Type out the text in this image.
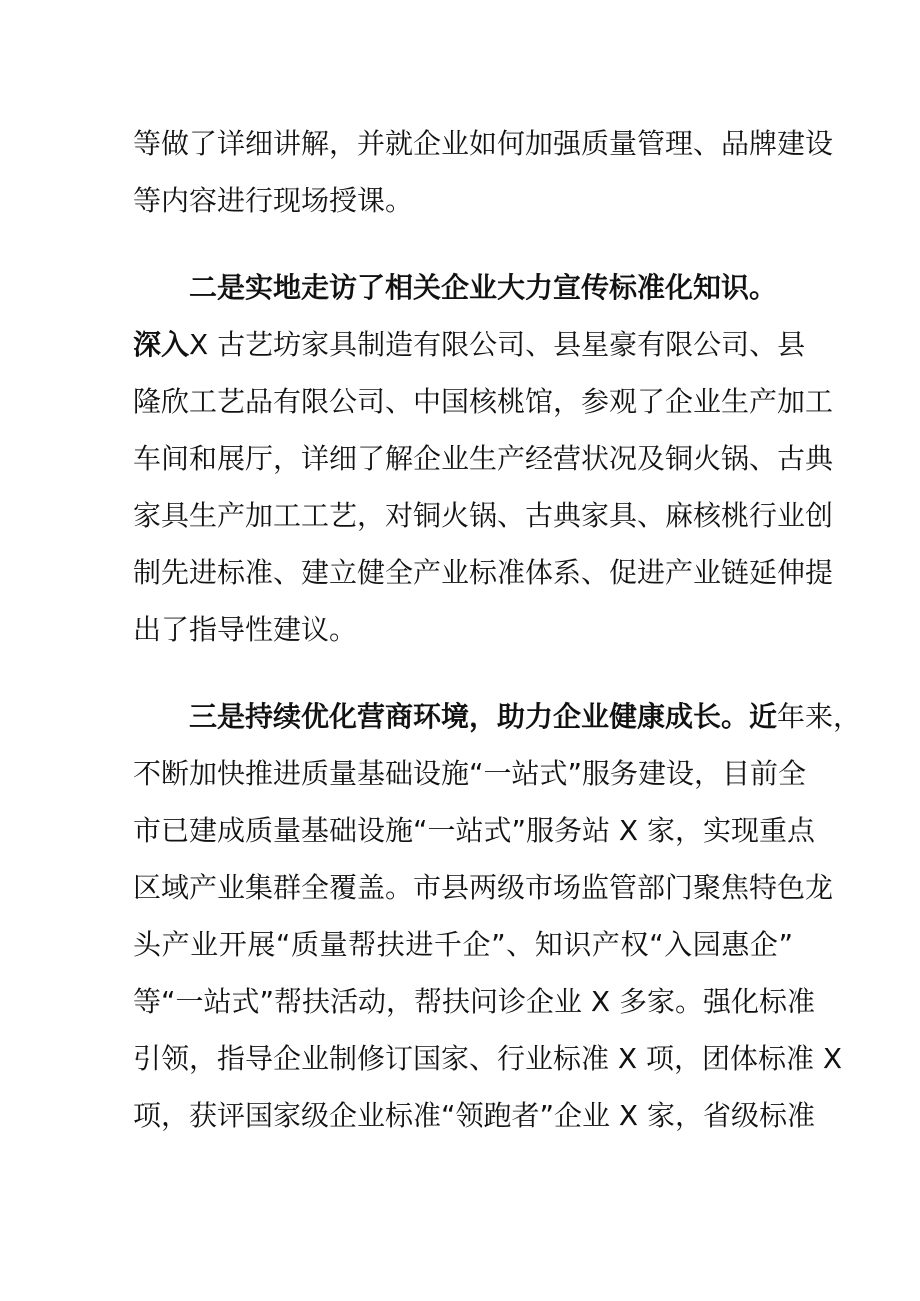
等做了详细讲解，并就企业如何加强质量管理、品牌建设
等内容进行现场授课。
二是实地走访了相关企业大力宣传标准化知识。
深入X 古艺坊家具制造有限公司、县星豪有限公司、县
隆欣工艺品有限公司、中国核桃馆，参观了企业生产加工
车间和展厅，详细了解企业生产经营状况及铜火锅、古典
家具生产加工工艺，对铜火锅、古典家具、麻核桃行业创
制先进标准、建立健全产业标准体系、促进产业链延伸提
出了指导性建议。
三是持续优化营商环境，助力企业健康成长。近年来，
不断加快推进质量基础设施“一站式”服务建设，目前全
市已建成质量基础设施“一站式”服务站 X 家，实现重点
区域产业集群全覆盖。市县两级市场监管部门聚焦特色龙
头产业开展“质量帮扶进千企”、知识产权“入园惠企”
等“一站式”帮扶活动，帮扶问诊企业 X 多家。强化标准
引领，指导企业制修订国家、行业标准 X 项，团体标准 X
项，获评国家级企业标准“领跑者”企业 X 家，省级标准
